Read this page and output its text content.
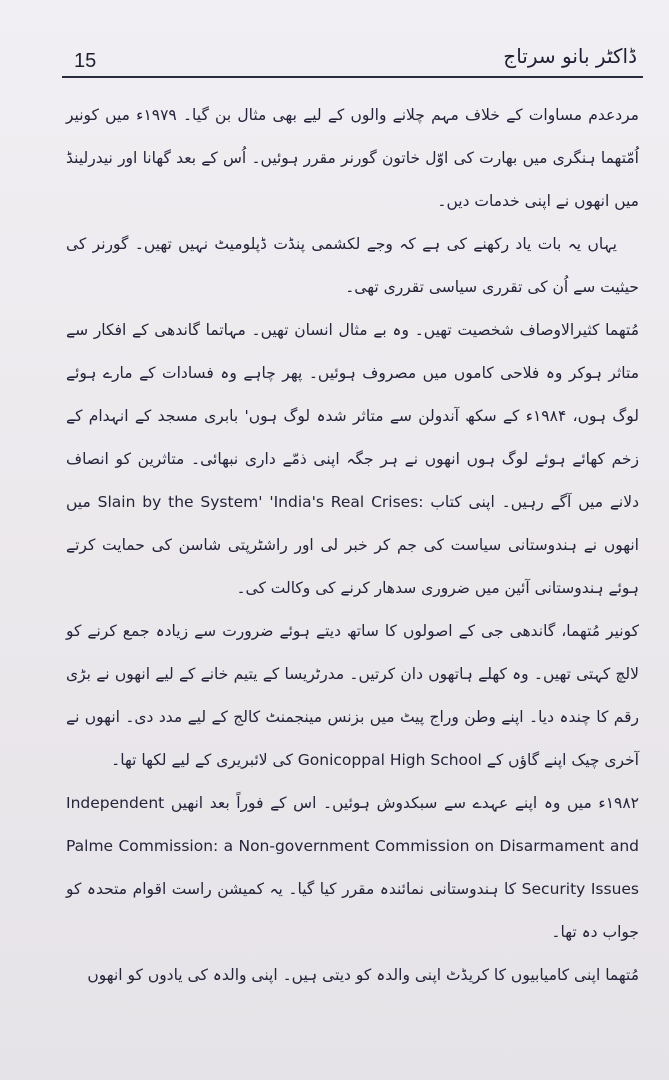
15	ڈاکٹر بانو سرتاج

مردعدم مساوات کے خلاف مہم چلانے والوں کے لیے بھی مثال بن گیا۔ ۱۹۷۹ء میں کونیر اُمّتھما ہنگری میں بھارت کی اوّل خاتون گورنر مقرر ہوئیں۔ اُس کے بعد گھانا اور نیدرلینڈ میں انھوں نے اپنی خدمات دیں۔

یہاں یہ بات یاد رکھنے کی ہے کہ وجے لکشمی پنڈت ڈپلومیٹ نہیں تھیں۔ گورنر کی حیثیت سے اُن کی تقرری سیاسی تقرری تھی۔

مُتھما کثیرالاوصاف شخصیت تھیں۔ وہ بے مثال انسان تھیں۔ مہاتما گاندھی کے افکار سے متاثر ہوکر وہ فلاحی کاموں میں مصروف ہوئیں۔ پھر چاہے وہ فسادات کے مارے ہوئے لوگ ہوں، ۱۹۸۴ء کے سکھ آندولن سے متاثر شدہ لوگ ہوں' بابری مسجد کے انہدام کے زخم کھائے ہوئے لوگ ہوں انھوں نے ہر جگہ اپنی ذمّے داری نبھائی۔ متاثرین کو انصاف دلانے میں آگے رہیں۔ اپنی کتاب :Slain by the System' 'India's Real Crises میں انھوں نے ہندوستانی سیاست کی جم کر خبر لی اور راشٹرپتی شاسن کی حمایت کرتے ہوئے ہندوستانی آئین میں ضروری سدھار کرنے کی وکالت کی۔

کونیر مُتھما، گاندھی جی کے اصولوں کا ساتھ دیتے ہوئے ضرورت سے زیادہ جمع کرنے کو لالچ کہتی تھیں۔ وہ کھلے ہاتھوں دان کرتیں۔ مدرٹریسا کے یتیم خانے کے لیے انھوں نے بڑی رقم کا چندہ دیا۔ اپنے وطن وراج پیٹ میں بزنس مینجمنٹ کالج کے لیے مدد دی۔ انھوں نے آخری چیک اپنے گاؤں کے Gonicoppal High School کی لائبریری کے لیے لکھا تھا۔

۱۹۸۲ء میں وہ اپنے عہدے سے سبکدوش ہوئیں۔ اس کے فوراً بعد انھیں Independent Palme Commission: a Non-government Commission on Disarmament and Security Issues کا ہندوستانی نمائندہ مقرر کیا گیا۔ یہ کمیشن راست اقوام متحدہ کو جواب دہ تھا۔

مُتھما اپنی کامیابیوں کا کریڈٹ اپنی والدہ کو دیتی ہیں۔ اپنی والدہ کی یادوں کو انھوں
